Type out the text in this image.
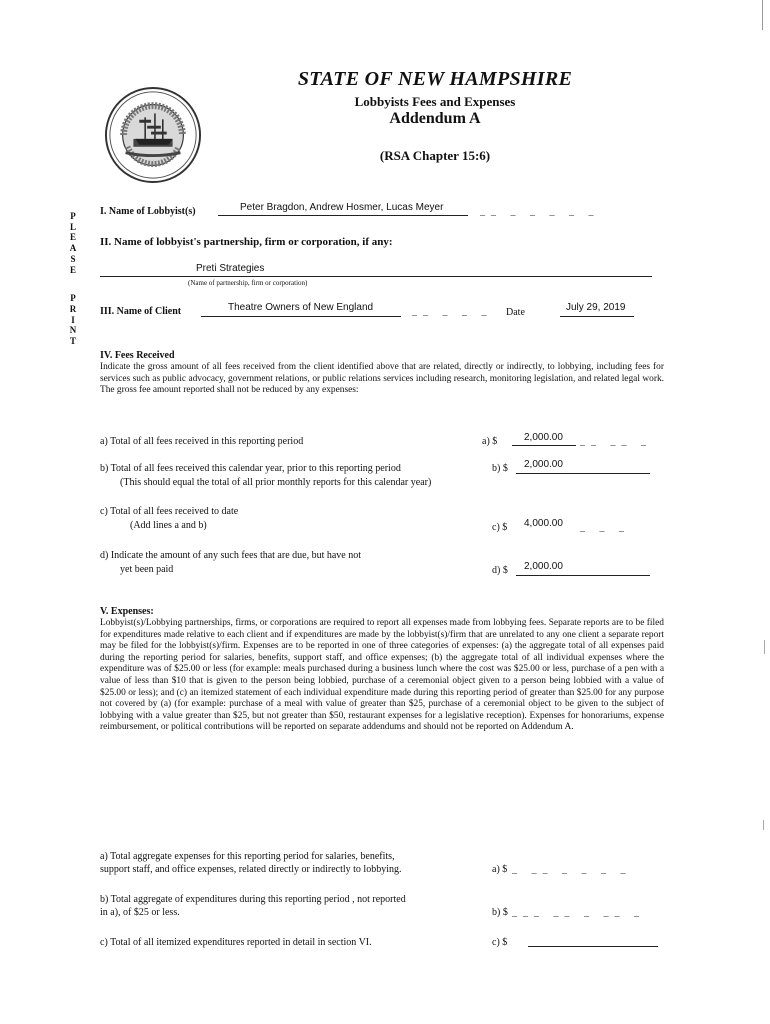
STATE OF NEW HAMPSHIRE
Lobbyists Fees and Expenses
Addendum A
(RSA Chapter 15:6)
P
L
E
A
S
E
P
R
I
N
T
I. Name of Lobbyist(s)	Peter Bragdon, Andrew Hosmer, Lucas Meyer	__ _ _ _ _ _
II. Name of lobbyist's partnership, firm or corporation, if any:
Preti Strategies
(Name of partnership, firm or corporation)
III. Name of Client	Theatre Owners of New England	__ _ _ _ Date	July 29, 2019
IV. Fees Received
Indicate the gross amount of all fees received from the client identified above that are related, directly or indirectly, to lobbying, including fees for services such as public advocacy, government relations, or public relations services including research, monitoring legislation, and related legal work. The gross fee amount reported shall not be reduced by any expenses:
a) Total of all fees received in this reporting period	a) $	2,000.00 __ __ _
b) Total of all fees received this calendar year, prior to this reporting period
(This should equal the total of all prior monthly reports for this calendar year)
b) $ 2,000.00
c) Total of all fees received to date
(Add lines a and b)	c) $ 4,000.00 _ _ _
d) Indicate the amount of any such fees that are due, but have not
yet been paid	d) $ 2,000.00
V. Expenses:
Lobbyist(s)/Lobbying partnerships, firms, or corporations are required to report all expenses made from lobbying fees. Separate reports are to be filed for expenditures made relative to each client and if expenditures are made by the lobbyist(s)/firm that are unrelated to any one client a separate report may be filed for the lobbyist(s)/firm. Expenses are to be reported in one of three categories of expenses: (a) the aggregate total of all expenses paid during the reporting period for salaries, benefits, support staff, and office expenses; (b) the aggregate total of all individual expenses where the expenditure was of $25.00 or less (for example: meals purchased during a business lunch where the cost was $25.00 or less, purchase of a pen with a value of less than $10 that is given to the person being lobbied, purchase of a ceremonial object given to a person being lobbied with a value of $25.00 or less); and (c) an itemized statement of each individual expenditure made during this reporting period of greater than $25.00 for any purpose not covered by (a) (for example: purchase of a meal with value of greater than $25, purchase of a ceremonial object to be given to the subject of lobbying with a value greater than $25, but not greater than $50, restaurant expenses for a legislative reception). Expenses for honorariums, expense reimbursement, or political contributions will be reported on separate addendums and should not be reported on Addendum A.
a) Total aggregate expenses for this reporting period for salaries, benefits,
support staff, and office expenses, related directly or indirectly to lobbying.	a) $ _ __ _ _ _ _
b) Total aggregate of expenditures during this reporting period , not reported
in a), of $25 or less.	b) $ ___ __ _ __ _
c) Total of all itemized expenditures reported in detail in section VI.	c) $
